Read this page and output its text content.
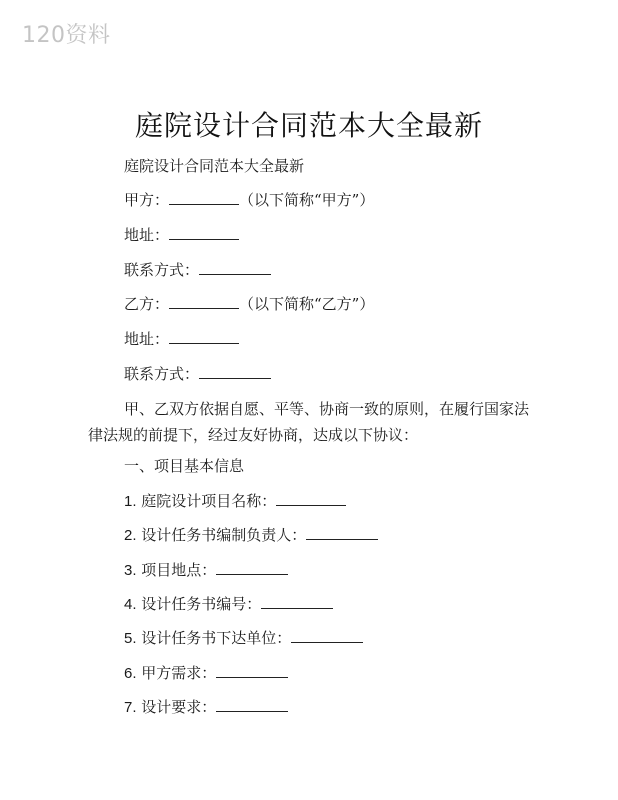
120资料
庭院设计合同范本大全最新
庭院设计合同范本大全最新
甲方：	（以下简称“甲方”）
地址：
联系方式：
乙方：	（以下简称“乙方”）
地址：
联系方式：
甲、乙双方依据自愿、平等、协商一致的原则，在履行国家法律法规的前提下，经过友好协商，达成以下协议：
一、项目基本信息
1. 庭院设计项目名称：
2. 设计任务书编制负责人：
3. 项目地点：
4. 设计任务书编号：
5. 设计任务书下达单位：
6. 甲方需求：
7. 设计要求：
